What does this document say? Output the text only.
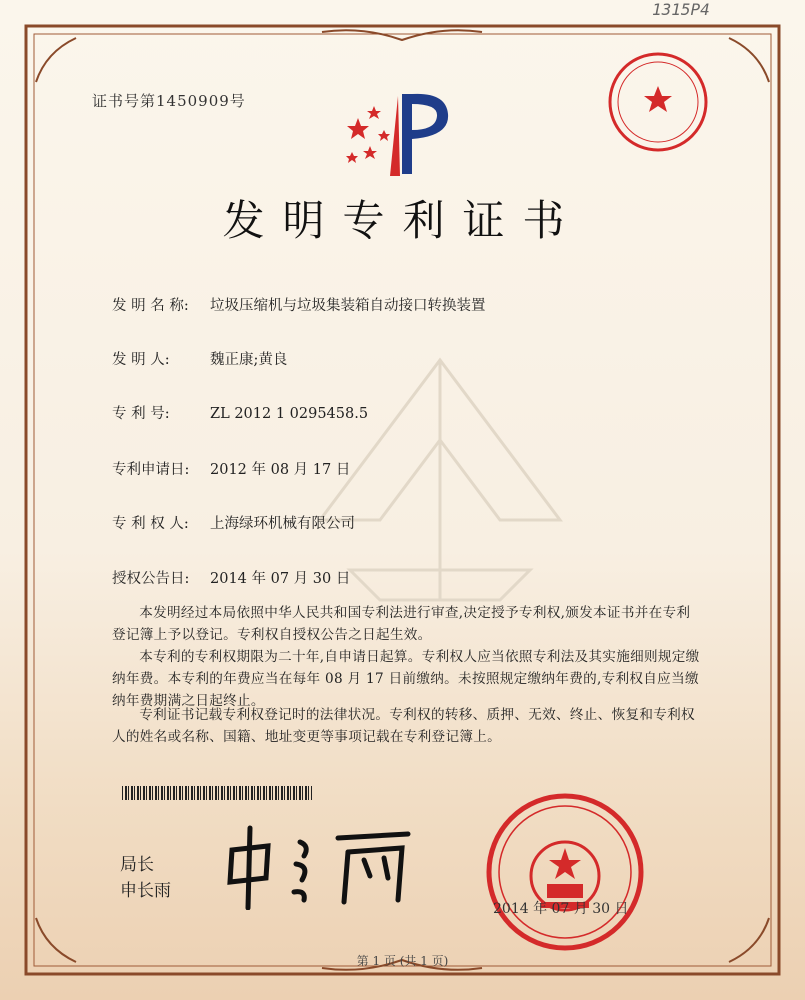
1315P4
证书号第1450909号
发明专利证书
发 明 名 称: 垃圾压缩机与垃圾集装箱自动接口转换装置
发 明 人:	魏正康;黄良
专 利 号:	ZL 2012 1 0295458.5
专利申请日: 2012 年 08 月 17 日
专 利 权 人: 上海绿环机械有限公司
授权公告日: 2014 年 07 月 30 日
本发明经过本局依照中华人民共和国专利法进行审查,决定授予专利权,颁发本证书并在专利登记簿上予以登记。专利权自授权公告之日起生效。
本专利的专利权期限为二十年,自申请日起算。专利权人应当依照专利法及其实施细则规定缴纳年费。本专利的年费应当在每年 08 月 17 日前缴纳。未按照规定缴纳年费的,专利权自应当缴纳年费期满之日起终止。
专利证书记载专利权登记时的法律状况。专利权的转移、质押、无效、终止、恢复和专利权人的姓名或名称、国籍、地址变更等事项记载在专利登记簿上。
局长
申长雨
2014 年 07 月 30 日
第 1 页 (共 1 页)
